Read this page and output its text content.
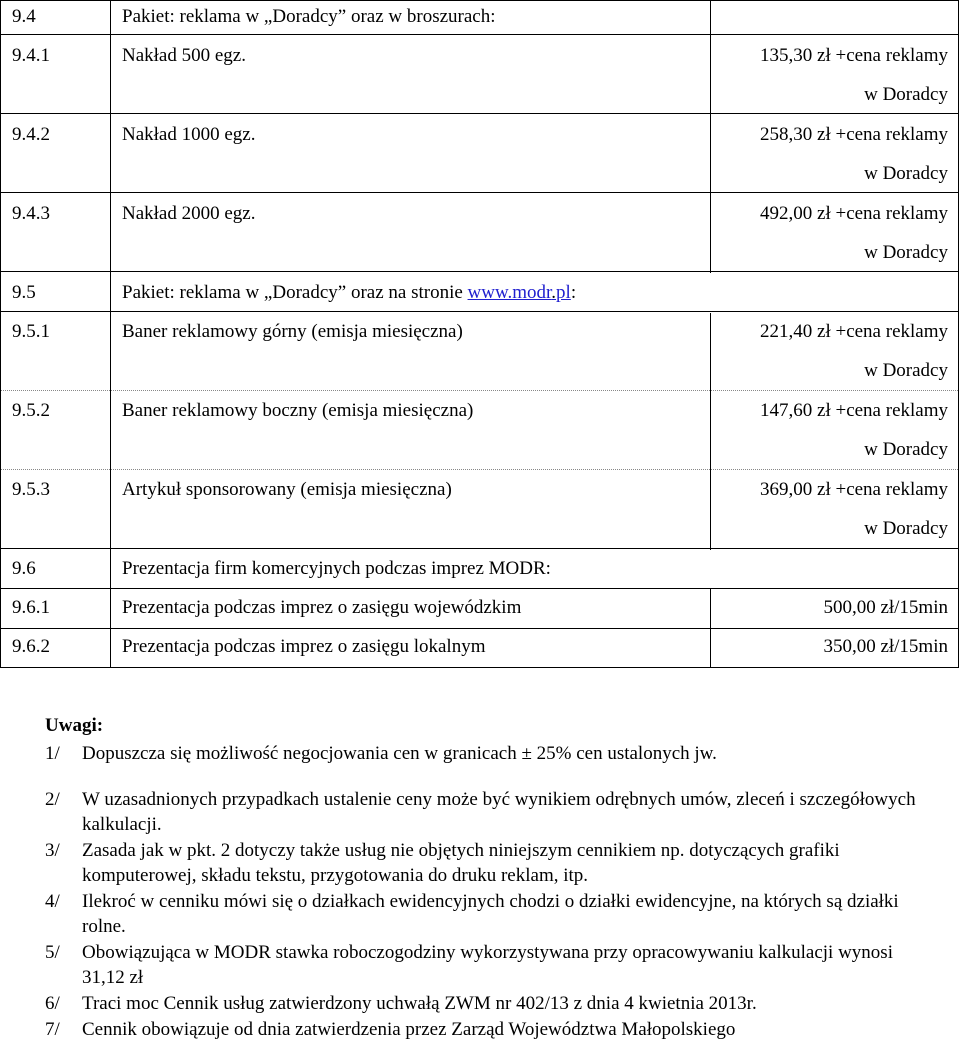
9.4	Pakiet: reklama w „Doradcy” oraz w broszurach:
9.4.1	Nakład 500 egz.	135,30 zł +cena reklamy
w Doradcy
9.4.2	Nakład 1000 egz.	258,30 zł +cena reklamy
w Doradcy
9.4.3	Nakład 2000 egz.	492,00 zł +cena reklamy
w Doradcy
9.5	Pakiet: reklama w „Doradcy” oraz na stronie www.modr.pl:
9.5.1	Baner reklamowy górny (emisja miesięczna)	221,40 zł +cena reklamy
w Doradcy
9.5.2	Baner reklamowy boczny (emisja miesięczna)	147,60 zł +cena reklamy
w Doradcy
9.5.3	Artykuł sponsorowany (emisja miesięczna)	369,00 zł +cena reklamy
w Doradcy
9.6	Prezentacja firm komercyjnych podczas imprez MODR:
9.6.1	Prezentacja podczas imprez o zasięgu wojewódzkim	500,00 zł/15min
9.6.2	Prezentacja podczas imprez o zasięgu lokalnym	350,00 zł/15min
Uwagi:
1/ Dopuszcza się możliwość negocjowania cen w granicach ± 25% cen ustalonych jw.
2/ W uzasadnionych przypadkach ustalenie ceny może być wynikiem odrębnych umów, zleceń i szczegółowych kalkulacji.
3/ Zasada jak w pkt. 2 dotyczy także usług nie objętych niniejszym cennikiem np. dotyczących grafiki komputerowej, składu tekstu, przygotowania do druku reklam, itp.
4/ Ilekroć w cenniku mówi się o działkach ewidencyjnych chodzi o działki ewidencyjne, na których są działki rolne.
5/ Obowiązująca w MODR stawka roboczogodziny wykorzystywana przy opracowywaniu kalkulacji wynosi 31,12 zł
6/ Traci moc Cennik usług zatwierdzony uchwałą ZWM nr 402/13 z dnia 4 kwietnia 2013r.
7/ Cennik obowiązuje od dnia zatwierdzenia przez Zarząd Województwa Małopolskiego
